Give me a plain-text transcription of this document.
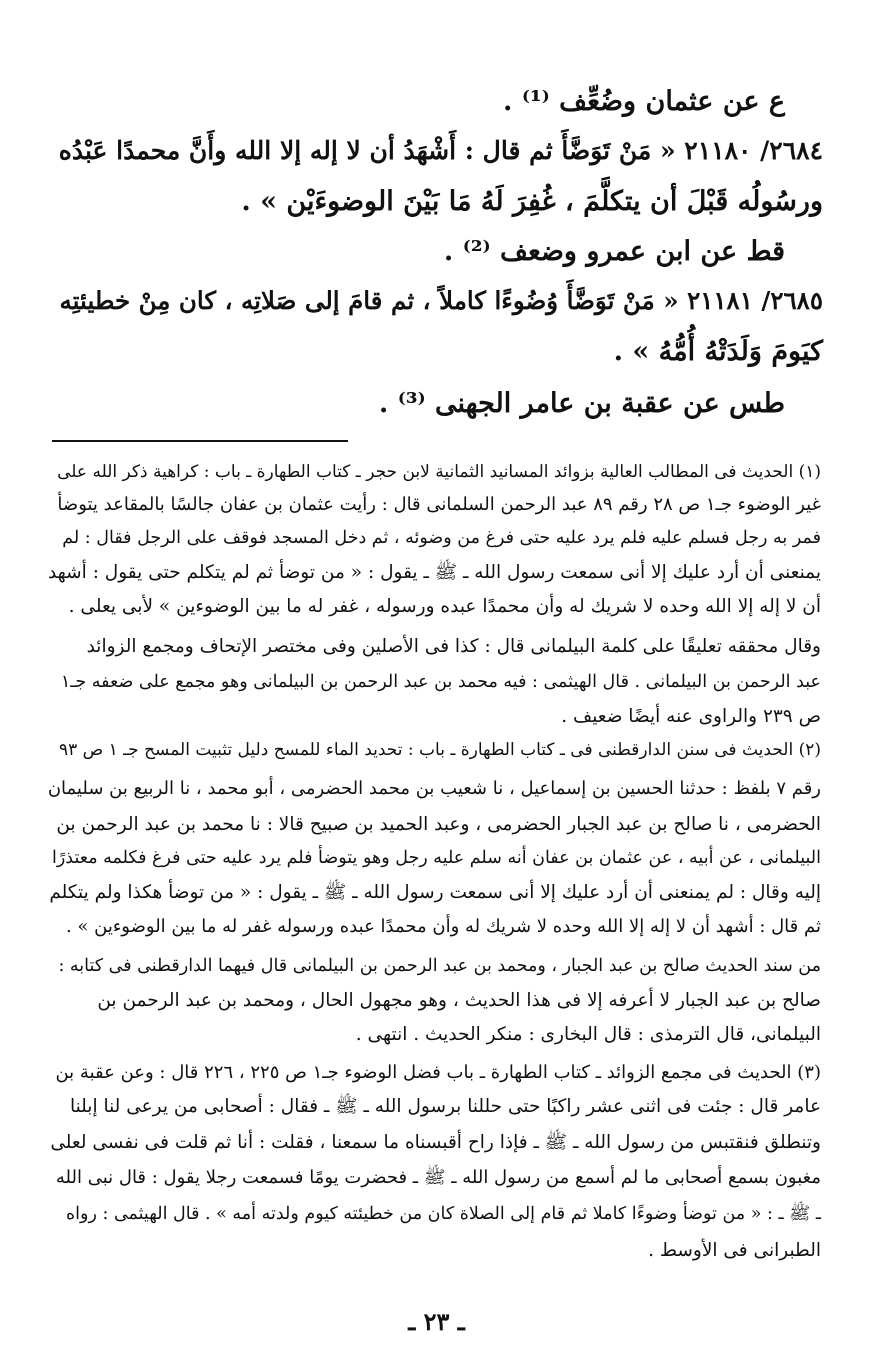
ع عن عثمان وضُعِّف ⁽¹⁾ .
٢٦٨٤/ ٢١١٨٠ « مَنْ تَوَضَّأَ ثم قال : أَشْهَدُ أن لا إله إلا الله وأَنَّ محمدًا عَبْدُه
ورسُولُه قَبْلَ أن يتكلَّمَ ، غُفِرَ لَهُ مَا بَيْنَ الوضوءَيْن » .
قط عن ابن عمرو وضعف ⁽²⁾ .
٢٦٨٥/ ٢١١٨١ « مَنْ تَوَضَّأَ وُضُوءًا كاملاً ، ثم قامَ إلى صَلاتِه ، كان مِنْ خطيئتِه
كيَومَ وَلَدَتْهُ أُمُّهُ » .
طس عن عقبة بن عامر الجهنى ⁽³⁾ .
(١) الحديث فى المطالب العالية بزوائد المسانيد الثمانية لابن حجر ـ كتاب الطهارة ـ باب : كراهية ذكر الله على
غير الوضوء جـ١ ص ٢٨ رقم ٨٩ عبد الرحمن السلمانى قال : رأيت عثمان بن عفان جالسًا بالمقاعد يتوضأ
فمر به رجل فسلم عليه فلم يرد عليه حتى فرغ من وضوئه ، ثم دخل المسجد فوقف على الرجل فقال : لم
يمنعنى أن أرد عليك إلا أنى سمعت رسول الله ـ ﷺ ـ يقول : « من توضأ ثم لم يتكلم حتى يقول : أشهد
أن لا إله إلا الله وحده لا شريك له وأن محمدًا عبده ورسوله ، غفر له ما بين الوضوءين » لأبى يعلى .
وقال محققه تعليقًا على كلمة البيلمانى قال : كذا فى الأصلين وفى مختصر الإتحاف ومجمع الزوائد
عبد الرحمن بن البيلمانى . قال الهيثمى : فيه محمد بن عبد الرحمن بن البيلمانى وهو مجمع على ضعفه جـ١
ص ٢٣٩ والراوى عنه أيضًا ضعيف .
(٢) الحديث فى سنن الدارقطنى فى ـ كتاب الطهارة ـ باب : تحديد الماء للمسح دليل تثبيت المسح جـ ١ ص ٩٣
رقم ٧ بلفظ : حدثنا الحسين بن إسماعيل ، نا شعيب بن محمد الحضرمى ، أبو محمد ، نا الربيع بن سليمان
الحضرمى ، نا صالح بن عبد الجبار الحضرمى ، وعبد الحميد بن صبيح قالا : نا محمد بن عبد الرحمن بن
البيلمانى ، عن أبيه ، عن عثمان بن عفان أنه سلم عليه رجل وهو يتوضأ فلم يرد عليه حتى فرغ فكلمه معتذرًا
إليه وقال : لم يمنعنى أن أرد عليك إلا أنى سمعت رسول الله ـ ﷺ ـ يقول : « من توضأ هكذا ولم يتكلم
ثم قال : أشهد أن لا إله إلا الله وحده لا شريك له وأن محمدًا عبده ورسوله غفر له ما بين الوضوءين » .
من سند الحديث صالح بن عبد الجبار ، ومحمد بن عبد الرحمن بن البيلمانى قال فيهما الدارقطنى فى كتابه :
صالح بن عبد الجبار لا أعرفه إلا فى هذا الحديث ، وهو مجهول الحال ، ومحمد بن عبد الرحمن بن
البيلمانى، قال الترمذى : قال البخارى : منكر الحديث . انتهى .
(٣) الحديث فى مجمع الزوائد ـ كتاب الطهارة ـ باب فضل الوضوء جـ١ ص ٢٢٥ ، ٢٢٦ قال : وعن عقبة بن
عامر قال : جئت فى اثنى عشر راكبًا حتى حللنا برسول الله ـ ﷺ ـ فقال : أصحابى من يرعى لنا إبلنا
وتنطلق فنقتبس من رسول الله ـ ﷺ ـ فإذا راح أقبسناه ما سمعنا ، فقلت : أنا ثم قلت فى نفسى لعلى
مغبون بسمع أصحابى ما لم أسمع من رسول الله ـ ﷺ ـ فحضرت يومًا فسمعت رجلا يقول : قال نبى الله
ـ ﷺ ـ : « من توضأ وضوءًا كاملا ثم قام إلى الصلاة كان من خطيئته كيوم ولدته أمه » . قال الهيثمى : رواه
الطبرانى فى الأوسط .
ـ ٢٣ ـ
